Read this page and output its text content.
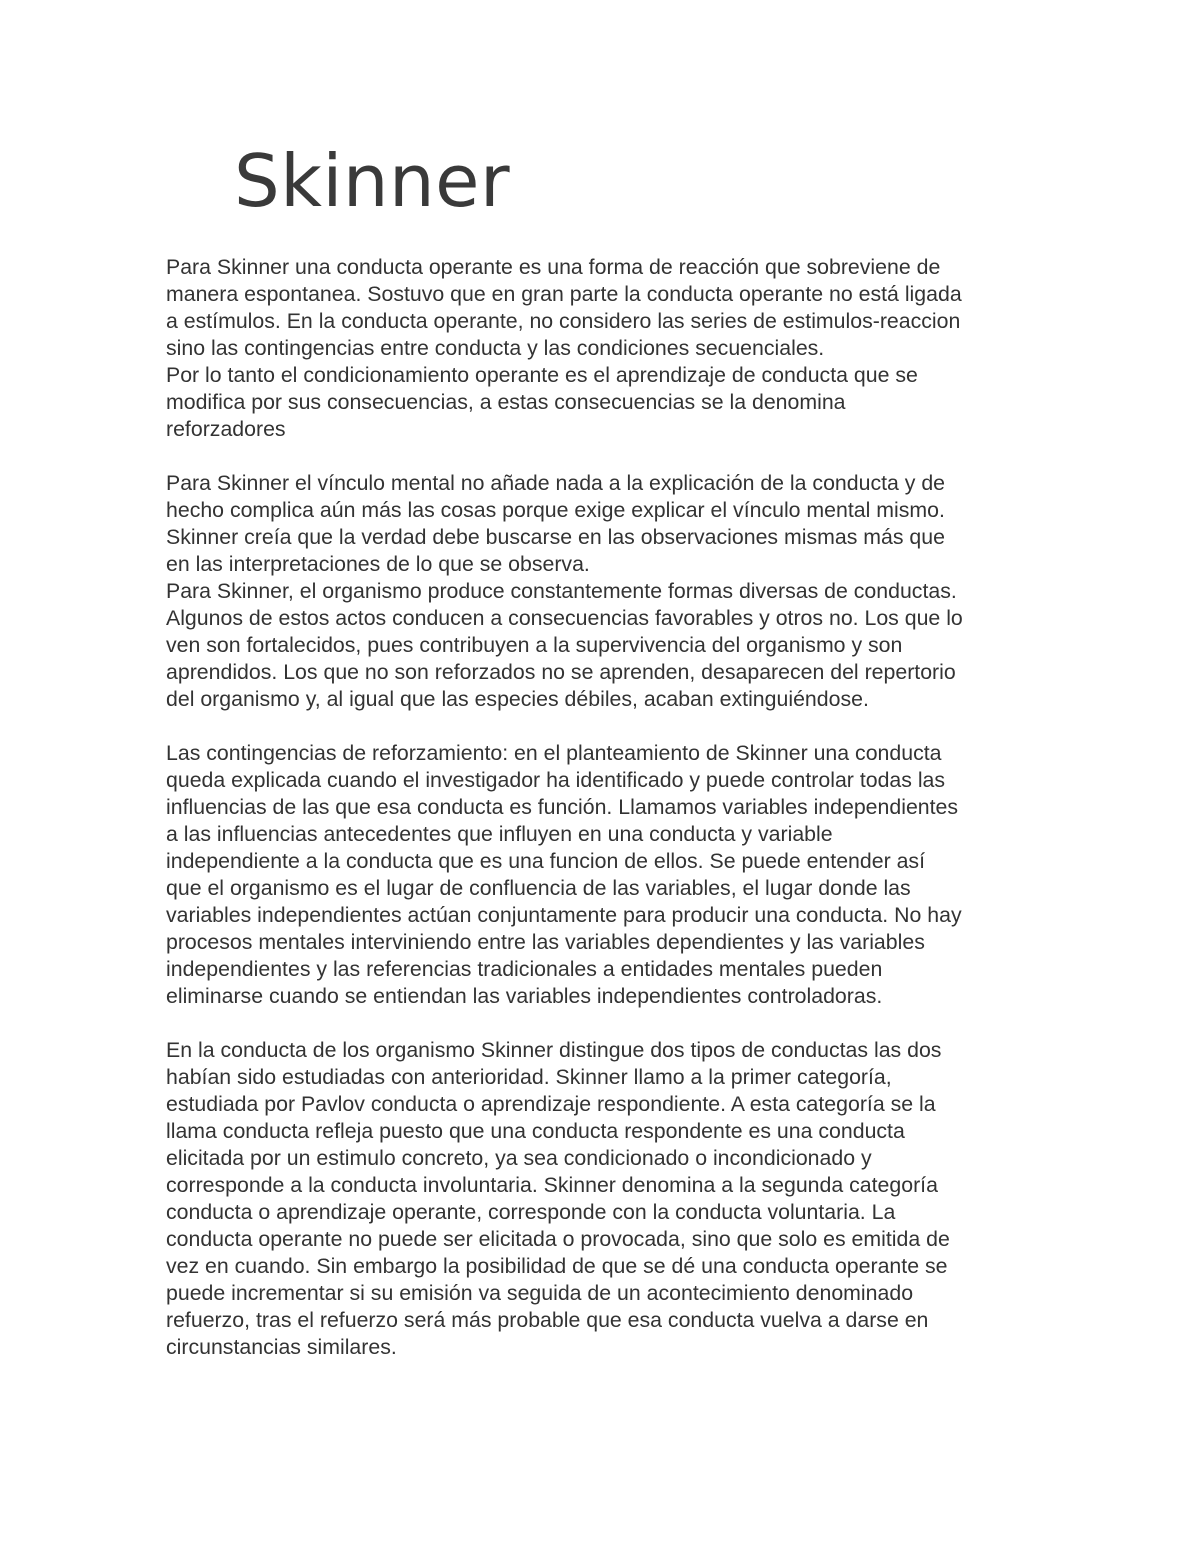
Skinner
Para Skinner una conducta operante es una forma de reacción que sobreviene de
manera espontanea. Sostuvo que en gran parte la conducta operante no está ligada
a estímulos. En la conducta operante, no considero las series de estimulos-reaccion
sino las contingencias entre conducta y las condiciones secuenciales.
Por lo tanto el condicionamiento operante es el aprendizaje de conducta que se
modifica por sus consecuencias, a estas consecuencias se la denomina
reforzadores
Para Skinner el vínculo mental no añade nada a la explicación de la conducta y de
hecho complica aún más las cosas porque exige explicar el vínculo mental mismo.
Skinner creía que la verdad debe buscarse en las observaciones mismas más que
en las interpretaciones de lo que se observa.
Para Skinner, el organismo produce constantemente formas diversas de conductas.
Algunos de estos actos conducen a consecuencias favorables y otros no. Los que lo
ven son fortalecidos, pues contribuyen a la supervivencia del organismo y son
aprendidos. Los que no son reforzados no se aprenden, desaparecen del repertorio
del organismo y, al igual que las especies débiles, acaban extinguiéndose.
Las contingencias de reforzamiento: en el planteamiento de Skinner una conducta
queda explicada cuando el investigador ha identificado y puede controlar todas las
influencias de las que esa conducta es función. Llamamos variables independientes
a las influencias antecedentes que influyen en una conducta y variable
independiente a la conducta que es una funcion de ellos. Se puede entender así
que el organismo es el lugar de confluencia de las variables, el lugar donde las
variables independientes actúan conjuntamente para producir una conducta. No hay
procesos mentales interviniendo entre las variables dependientes y las variables
independientes y las referencias tradicionales a entidades mentales pueden
eliminarse cuando se entiendan las variables independientes controladoras.
En la conducta de los organismo Skinner distingue dos tipos de conductas las dos
habían sido estudiadas con anterioridad. Skinner llamo a la primer categoría,
estudiada por Pavlov conducta o aprendizaje respondiente. A esta categoría se la
llama conducta refleja puesto que una conducta respondente es una conducta
elicitada por un estimulo concreto, ya sea condicionado o incondicionado y
corresponde a la conducta involuntaria. Skinner denomina a la segunda categoría
conducta o aprendizaje operante, corresponde con la conducta voluntaria. La
conducta operante no puede ser elicitada o provocada, sino que solo es emitida de
vez en cuando. Sin embargo la posibilidad de que se dé una conducta operante se
puede incrementar si su emisión va seguida de un acontecimiento denominado
refuerzo, tras el refuerzo será más probable que esa conducta vuelva a darse en
circunstancias similares.
